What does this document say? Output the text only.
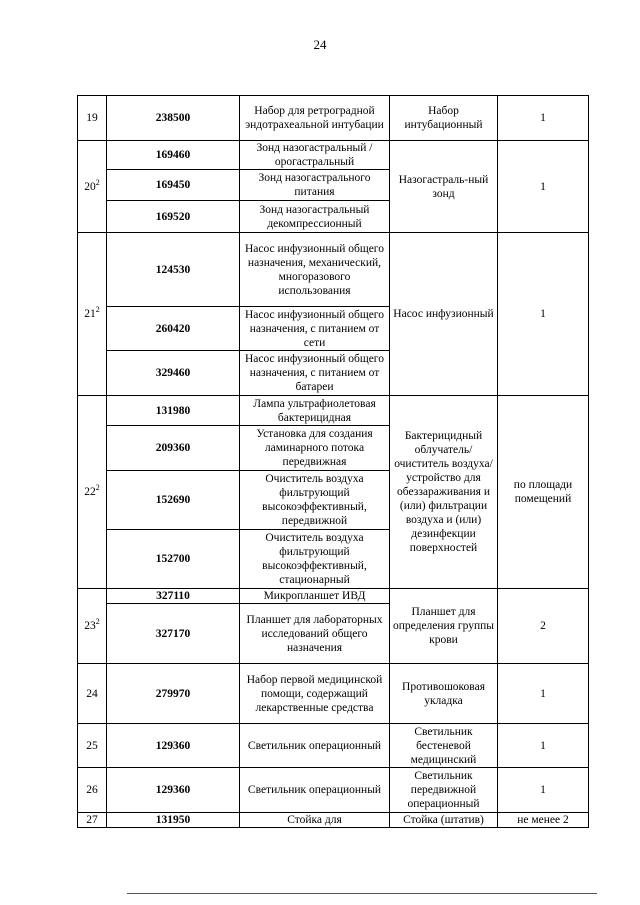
24
19	238500	Набор для ретроградной эндотрахеальной интубации	Набор интубационный	1
$20^2$	169460	Зонд назогастральный /орогастральный	Назогастраль-ный зонд	1
	169450	Зонд назогастрального питания		
	169520	Зонд назогастральный декомпрессионный		
$21^2$	124530	Насос инфузионный общего назначения, механический, многоразового использования	Насос инфузионный	1
	260420	Насос инфузионный общего назначения, с питанием от сети		
	329460	Насос инфузионный общего назначения, с питанием от батареи		
$22^2$	131980	Лампа ультрафиолетовая бактерицидная	Бактерицидный облучатель/ очиститель воздуха/ устройство для обеззараживания и (или) фильтрации воздуха и (или) дезинфекции поверхностей	по площади помещений
	209360	Установка для создания ламинарного потока передвижная		
	152690	Очиститель воздуха фильтрующий высокоэффективный, передвижной		
	152700	Очиститель воздуха фильтрующий высокоэффективный, стационарный		
$23^2$	327110	Микропланшет ИВД	Планшет для определения группы крови	2
	327170	Планшет для лабораторных исследований общего назначения		
24	279970	Набор первой медицинской помощи, содержащий лекарственные средства	Противошоковая укладка	1
25	129360	Светильник операционный	Светильник бестеневой медицинский	1
26	129360	Светильник операционный	Светильник передвижной операционный	1
27	131950	Стойка для	Стойка (штатив)	не менее 2
